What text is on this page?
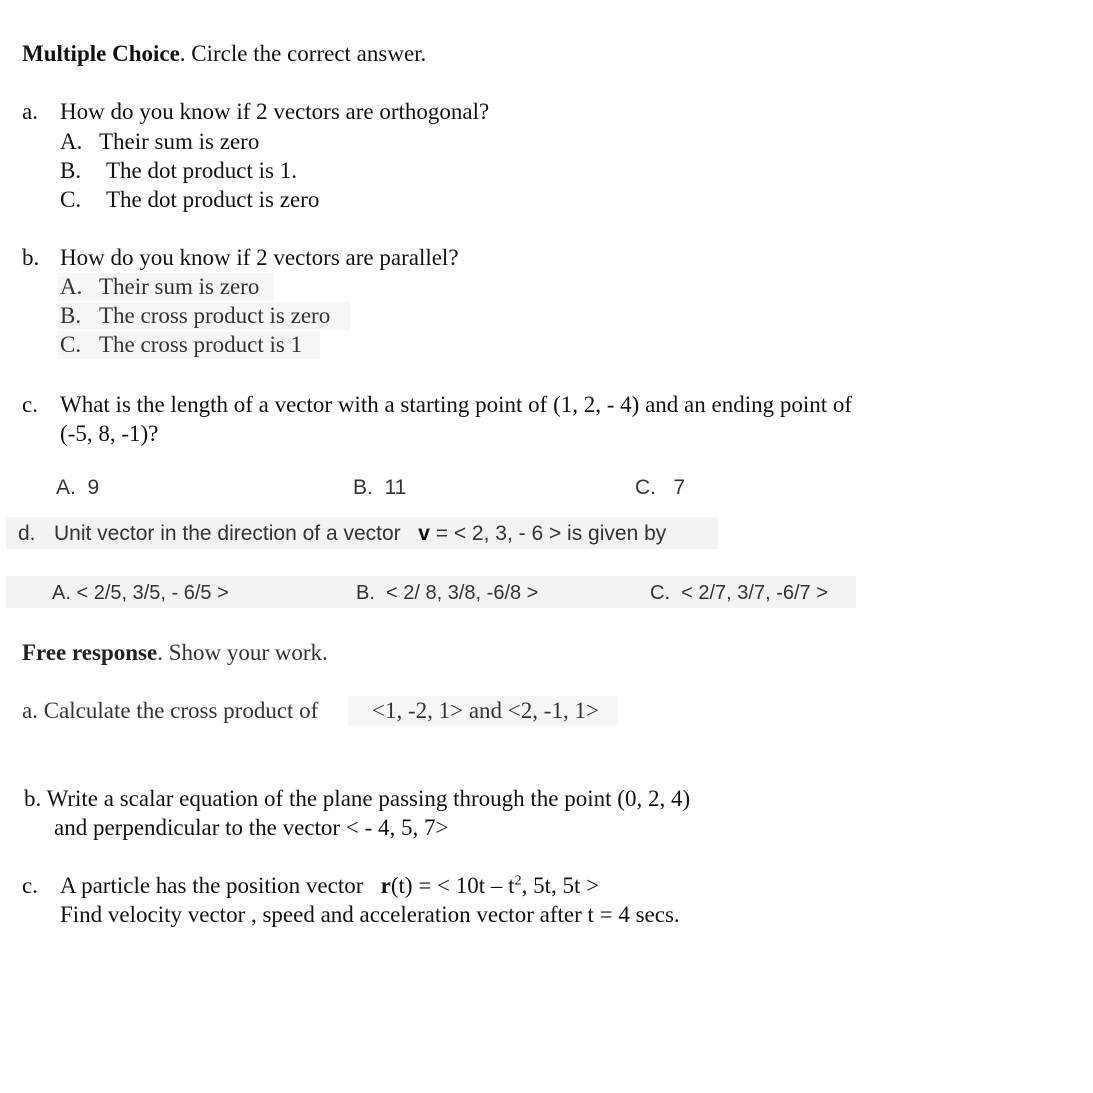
Multiple Choice. Circle the correct answer.
a. How do you know if 2 vectors are orthogonal?
A. Their sum is zero
B. The dot product is 1.
C. The dot product is zero
b. How do you know if 2 vectors are parallel?
A. Their sum is zero
B. The cross product is zero
C. The cross product is 1
c. What is the length of a vector with a starting point of (1, 2, - 4) and an ending point of
(-5, 8, -1)?
A. 9	B. 11	C. 7
d. Unit vector in the direction of a vector v = < 2, 3, - 6 > is given by
A. < 2/5, 3/5, - 6/5 >	B. < 2/ 8, 3/8, -6/8 >	C. < 2/7, 3/7, -6/7 >
Free response. Show your work.
a. Calculate the cross product of <1, -2, 1> and <2, -1, 1>
b. Write a scalar equation of the plane passing through the point (0, 2, 4)
and perpendicular to the vector < - 4, 5, 7>
c. A particle has the position vector r(t) = < $10t - t^2$, 5t, 5t >
Find velocity vector , speed and acceleration vector after t = 4 secs.
